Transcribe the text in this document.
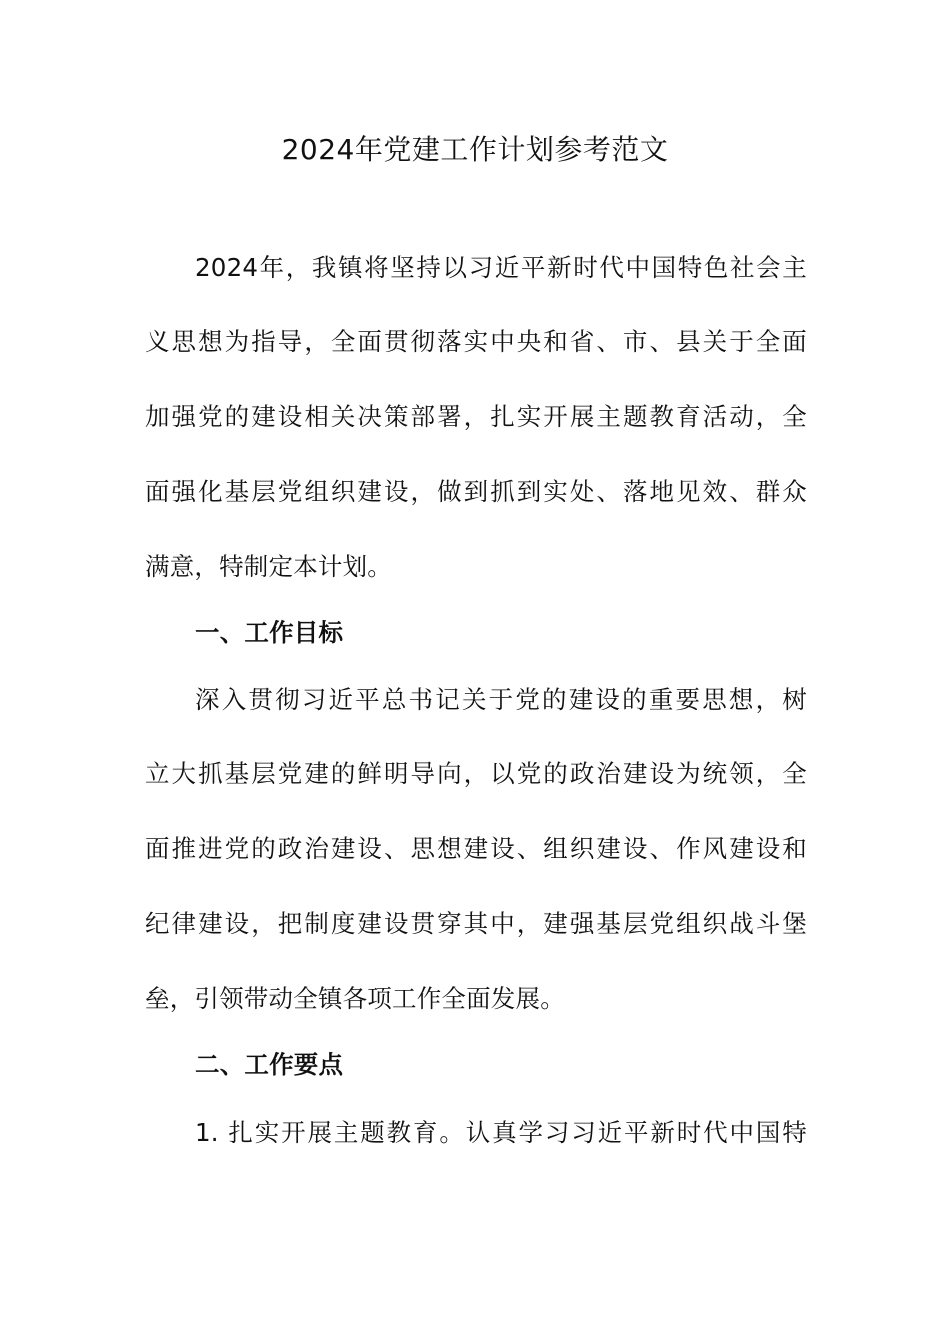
2024年党建工作计划参考范文
2024年，我镇将坚持以习近平新时代中国特色社会主
义思想为指导，全面贯彻落实中央和省、市、县关于全面
加强党的建设相关决策部署，扎实开展主题教育活动，全
面强化基层党组织建设，做到抓到实处、落地见效、群众
满意，特制定本计划。
一、工作目标
深入贯彻习近平总书记关于党的建设的重要思想，树
立大抓基层党建的鲜明导向，以党的政治建设为统领，全
面推进党的政治建设、思想建设、组织建设、作风建设和
纪律建设，把制度建设贯穿其中，建强基层党组织战斗堡
垒，引领带动全镇各项工作全面发展。
二、工作要点
1. 扎实开展主题教育。认真学习习近平新时代中国特
